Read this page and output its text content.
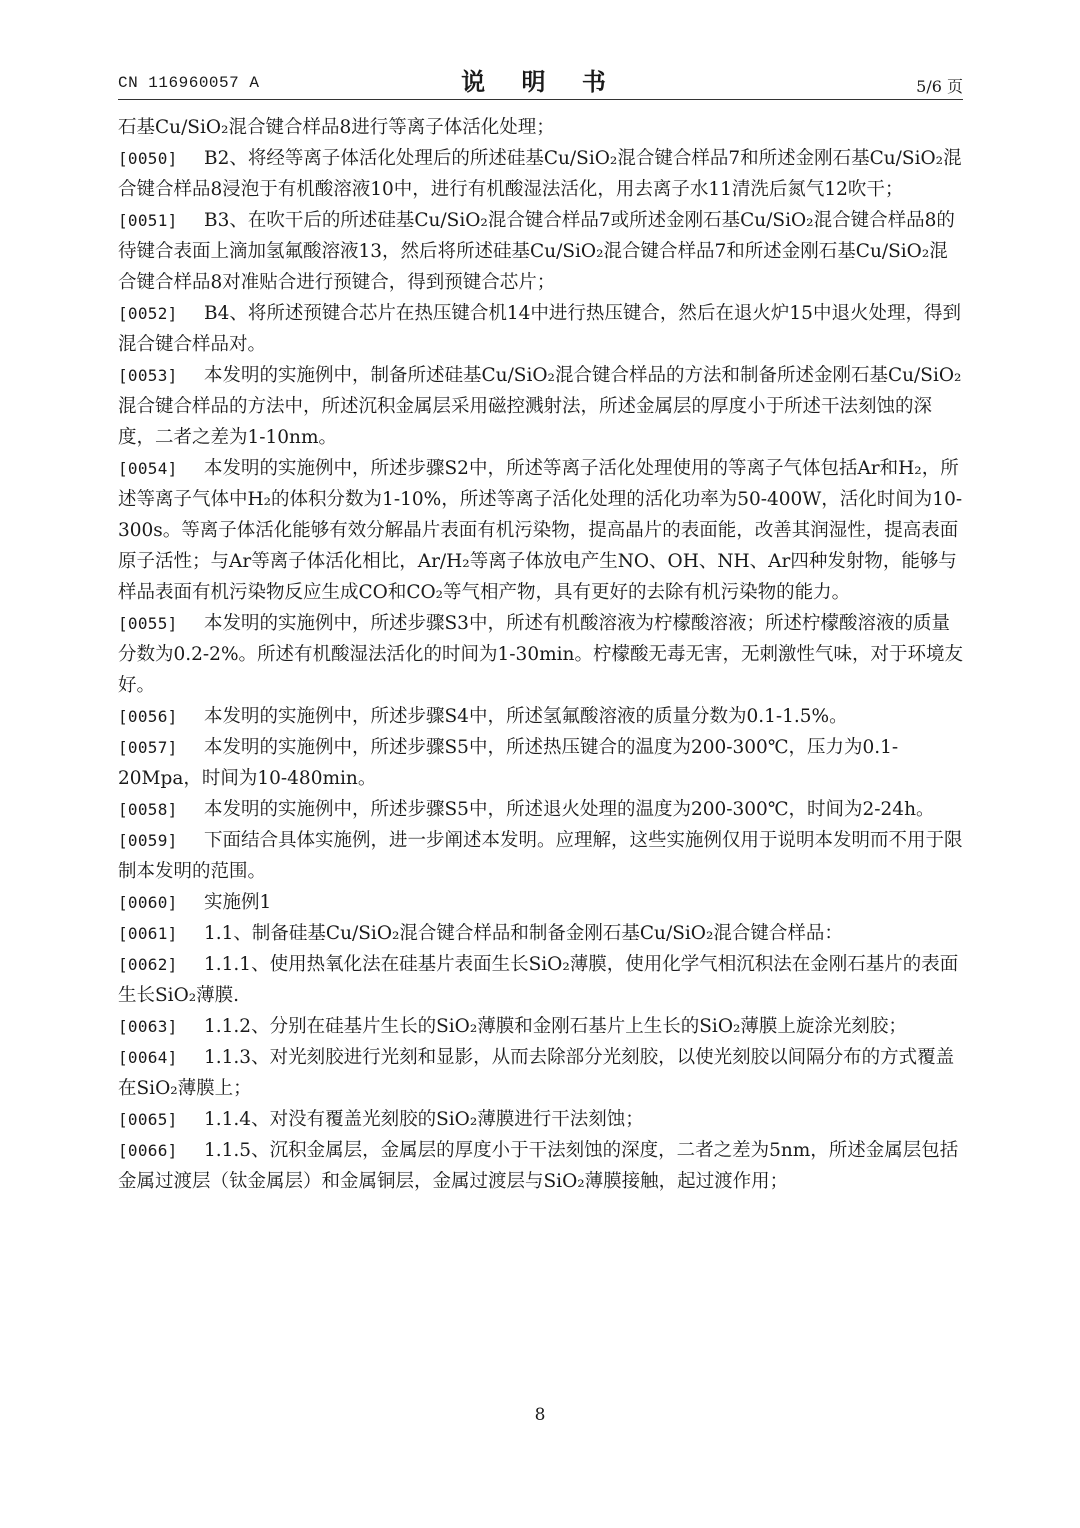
CN 116960057 A	说 明 书	5/6 页

石基Cu/SiO₂混合键合样品8进行等离子体活化处理；

[0050] B2、将经等离子体活化处理后的所述硅基Cu/SiO₂混合键合样品7和所述金刚石基Cu/SiO₂混合键合样品8浸泡于有机酸溶液10中，进行有机酸湿法活化，用去离子水11清洗后氮气12吹干；

[0051] B3、在吹干后的所述硅基Cu/SiO₂混合键合样品7或所述金刚石基Cu/SiO₂混合键合样品8的待键合表面上滴加氢氟酸溶液13，然后将所述硅基Cu/SiO₂混合键合样品7和所述金刚石基Cu/SiO₂混合键合样品8对准贴合进行预键合，得到预键合芯片；

[0052] B4、将所述预键合芯片在热压键合机14中进行热压键合，然后在退火炉15中退火处理，得到混合键合样品对。

[0053] 本发明的实施例中，制备所述硅基Cu/SiO₂混合键合样品的方法和制备所述金刚石基Cu/SiO₂混合键合样品的方法中，所述沉积金属层采用磁控溅射法，所述金属层的厚度小于所述干法刻蚀的深度，二者之差为1-10nm。

[0054] 本发明的实施例中，所述步骤S2中，所述等离子活化处理使用的等离子气体包括Ar和H₂，所述等离子气体中H₂的体积分数为1-10%，所述等离子活化处理的活化功率为50-400W，活化时间为10-300s。等离子体活化能够有效分解晶片表面有机污染物，提高晶片的表面能，改善其润湿性，提高表面原子活性；与Ar等离子体活化相比，Ar/H₂等离子体放电产生NO、OH、NH、Ar四种发射物，能够与样品表面有机污染物反应生成CO和CO₂等气相产物，具有更好的去除有机污染物的能力。

[0055] 本发明的实施例中，所述步骤S3中，所述有机酸溶液为柠檬酸溶液；所述柠檬酸溶液的质量分数为0.2-2%。所述有机酸湿法活化的时间为1-30min。柠檬酸无毒无害，无刺激性气味，对于环境友好。

[0056] 本发明的实施例中，所述步骤S4中，所述氢氟酸溶液的质量分数为0.1-1.5%。

[0057] 本发明的实施例中，所述步骤S5中，所述热压键合的温度为200-300℃，压力为0.1-20Mpa，时间为10-480min。

[0058] 本发明的实施例中，所述步骤S5中，所述退火处理的温度为200-300℃，时间为2-24h。

[0059] 下面结合具体实施例，进一步阐述本发明。应理解，这些实施例仅用于说明本发明而不用于限制本发明的范围。

[0060] 实施例1

[0061] 1.1、制备硅基Cu/SiO₂混合键合样品和制备金刚石基Cu/SiO₂混合键合样品：

[0062] 1.1.1、使用热氧化法在硅基片表面生长SiO₂薄膜，使用化学气相沉积法在金刚石基片的表面生长SiO₂薄膜.

[0063] 1.1.2、分别在硅基片生长的SiO₂薄膜和金刚石基片上生长的SiO₂薄膜上旋涂光刻胶；

[0064] 1.1.3、对光刻胶进行光刻和显影，从而去除部分光刻胶，以使光刻胶以间隔分布的方式覆盖在SiO₂薄膜上；

[0065] 1.1.4、对没有覆盖光刻胶的SiO₂薄膜进行干法刻蚀；

[0066] 1.1.5、沉积金属层，金属层的厚度小于干法刻蚀的深度，二者之差为5nm，所述金属层包括金属过渡层（钛金属层）和金属铜层，金属过渡层与SiO₂薄膜接触，起过渡作用；

8
